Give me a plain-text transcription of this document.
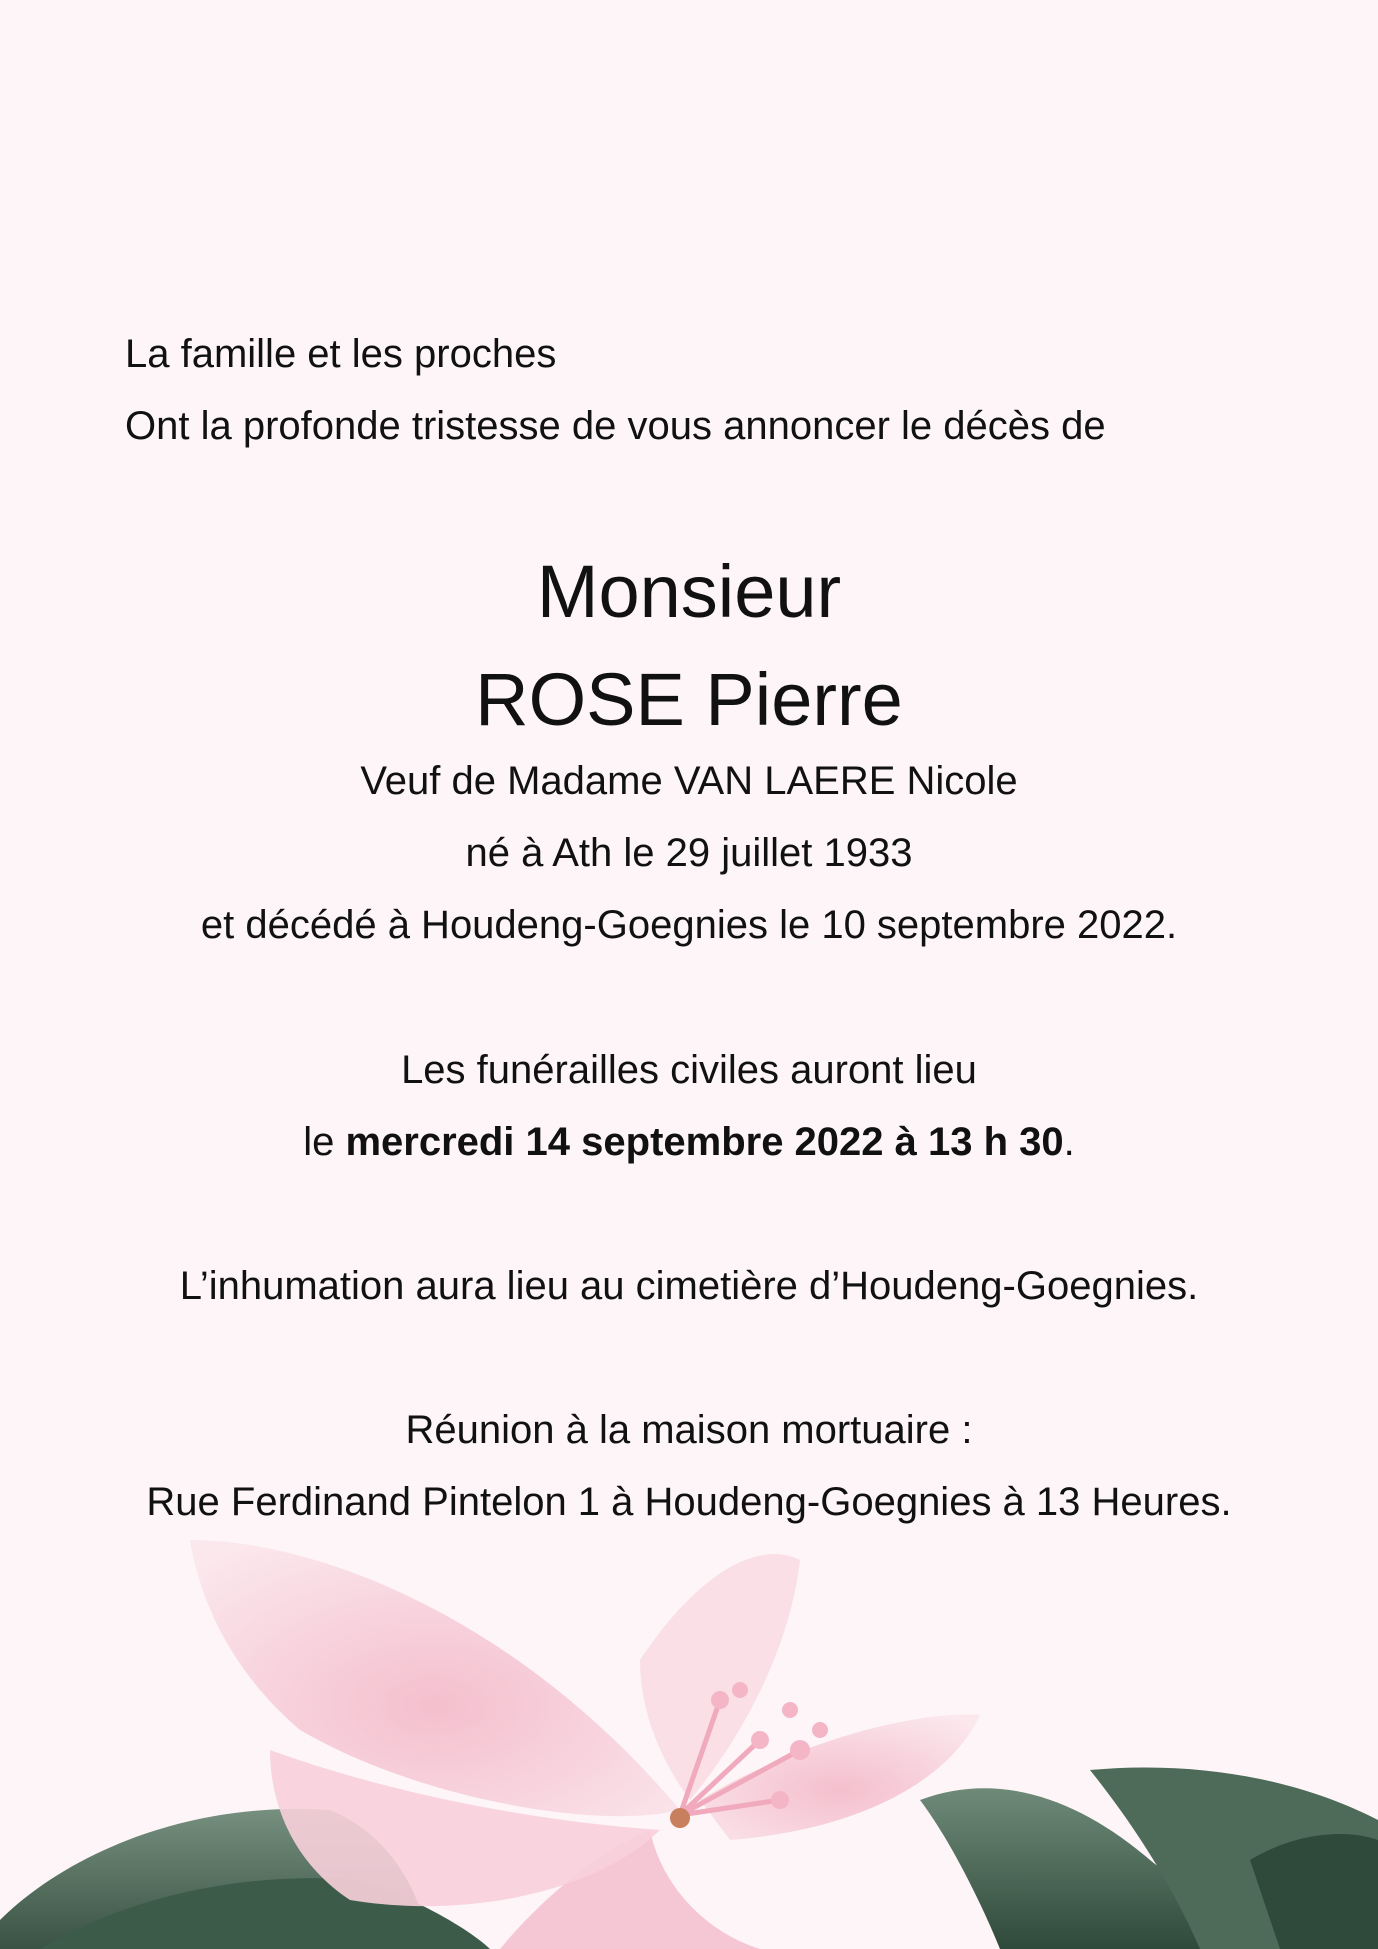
La famille et les proches
Ont la profonde tristesse de vous annoncer le décès de
Monsieur
ROSE Pierre
Veuf de Madame VAN LAERE Nicole
né à Ath le 29 juillet 1933
et décédé à Houdeng-Goegnies le 10 septembre 2022.
Les funérailles civiles auront lieu
le mercredi 14 septembre 2022 à 13 h 30.
L’inhumation aura lieu au cimetière d’Houdeng-Goegnies.
Réunion à la maison mortuaire :
Rue Ferdinand Pintelon 1 à Houdeng-Goegnies à 13 Heures.
